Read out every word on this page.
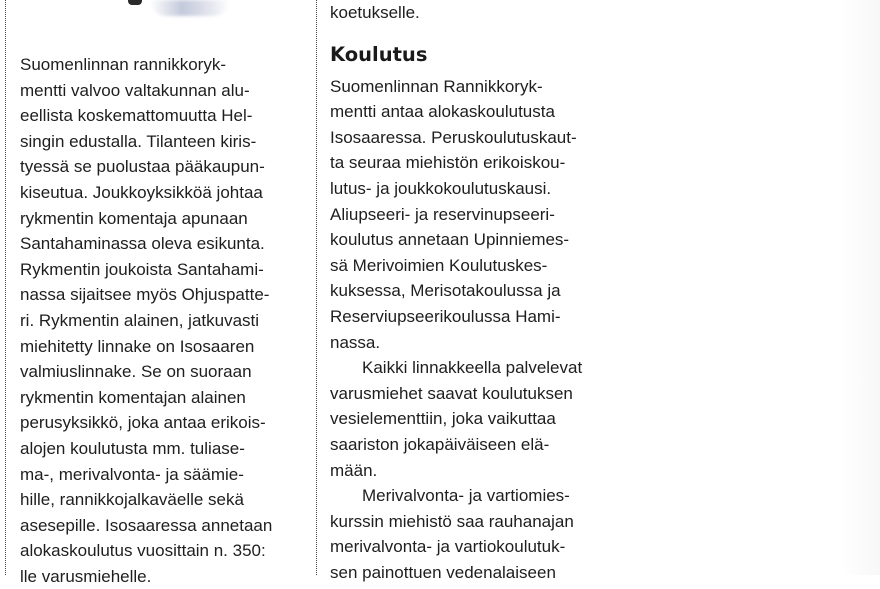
Suomenlinnan rannikkoryk-
mentti valvoo valtakunnan alu-
eellista koskemattomuutta Hel-
singin edustalla. Tilanteen kiris-
tyessä se puolustaa pääkaupun-
kiseutua. Joukkoyksikköä johtaa
rykmentin komentaja apunaan
Santahaminassa oleva esikunta.
Rykmentin joukoista Santahami-
nassa sijaitsee myös Ohjuspatte-
ri. Rykmentin alainen, jatkuvasti
miehitetty linnake on Isosaaren
valmiuslinnake. Se on suoraan
rykmentin komentajan alainen
perusyksikkö, joka antaa erikois-
alojen koulutusta mm. tuliase-
ma-, merivalvonta- ja säämie-
hille, rannikkojalkaväelle sekä
asesepille. Isosaaressa annetaan
alokaskoulutus vuosittain n. 350:
lle varusmiehelle.
koetukselle.
Koulutus
Suomenlinnan Rannikkoryk-
mentti antaa alokaskoulutusta
Isosaaressa. Peruskoulutuskaut-
ta seuraa miehistön erikoiskou-
lutus- ja joukkokoulutuskausi.
Aliupseeri- ja reservinupseeri-
koulutus annetaan Upinniemes-
sä Merivoimien Koulutuskes-
kuksessa, Merisotakoulussa ja
Reserviupseerikoulussa Hami-
nassa.
Kaikki linnakkeella palvelevat
varusmiehet saavat koulutuksen
vesielementtiin, joka vaikuttaa
saariston jokapäiväiseen elä-
mään.
Merivalvonta- ja vartiomies-
kurssin miehistö saa rauhanajan
merivalvonta- ja vartiokoulutuk-
sen painottuen vedenalaiseen
